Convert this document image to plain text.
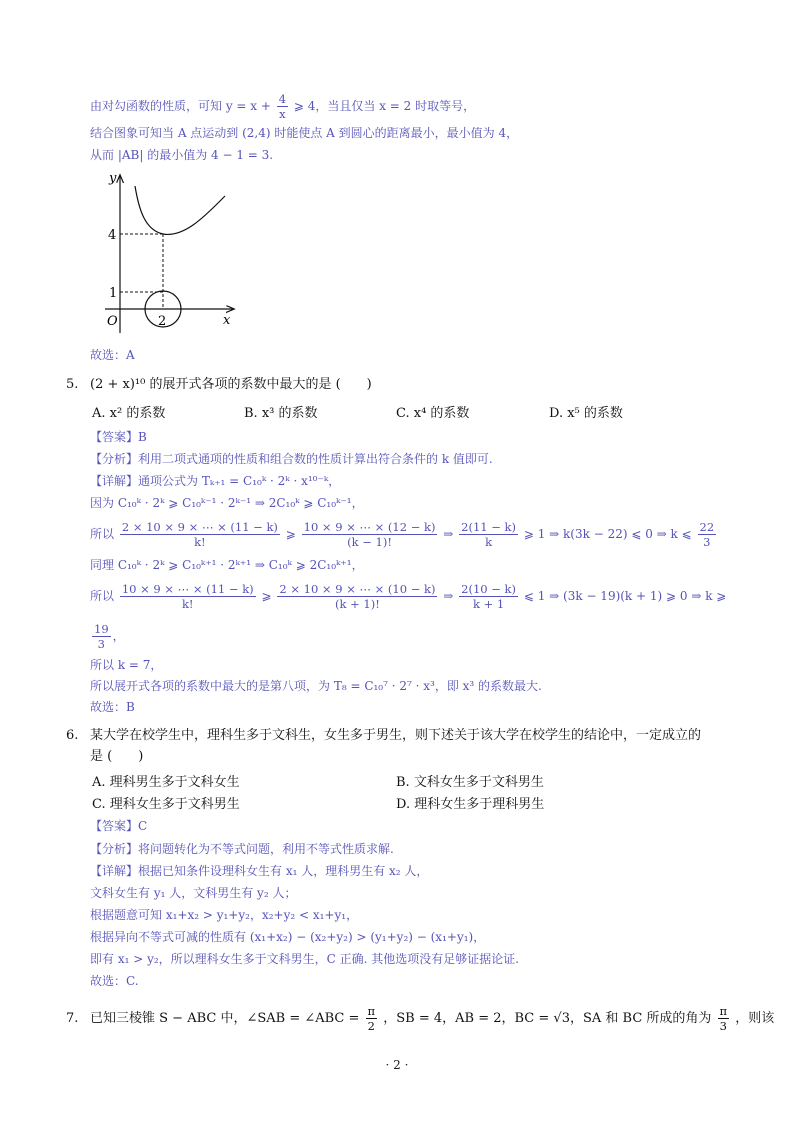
由对勾函数的性质，可知 $y = x + \frac{4}{x}$ ⩾ 4，当且仅当 x = 2 时取等号，
结合图象可知当 A 点运动到 (2,4) 时能使点 A 到圆心的距离最小，最小值为 4，
从而 |AB| 的最小值为 4 − 1 = 3.
y
x
O
4
1
2
故选：A
5. (2 + x)¹⁰ 的展开式各项的系数中最大的是 (　　)
A. x² 的系数	B. x³ 的系数	C. x⁴ 的系数	D. x⁵ 的系数
【答案】B
【分析】利用二项式通项的性质和组合数的性质计算出符合条件的 k 值即可.
【详解】通项公式为 Tₖ₊₁ = C₁₀ᵏ · 2ᵏ · x¹⁰⁻ᵏ，
因为 C₁₀ᵏ · 2ᵏ ⩾ C₁₀ᵏ⁻¹ · 2ᵏ⁻¹ ⇒ 2C₁₀ᵏ ⩾ C₁₀ᵏ⁻¹，
所以 $\frac{2 \times 10 \times 9 \times \cdots \times (11 - k)}{k!}$ ⩾ $\frac{10 \times 9 \times \cdots \times (12 - k)}{(k - 1)!}$ ⇒ $\frac{2(11 - k)}{k}$ ⩾ 1 ⇒ k(3k − 22) ⩽ 0 ⇒ k ⩽ $\frac{22}{3}$
同理 C₁₀ᵏ · 2ᵏ ⩾ C₁₀ᵏ⁺¹ · 2ᵏ⁺¹ ⇒ C₁₀ᵏ ⩾ 2C₁₀ᵏ⁺¹，
所以 $\frac{10 \times 9 \times \cdots \times (11 - k)}{k!}$ ⩾ $\frac{2 \times 10 \times 9 \times \cdots \times (10 - k)}{(k + 1)!}$ ⇒ $\frac{2(10 - k)}{k + 1}$ ⩽ 1 ⇒ (3k − 19)(k + 1) ⩾ 0 ⇒ k ⩾
$\frac{19}{3}$ ，
所以 k = 7，
所以展开式各项的系数中最大的是第八项，为 T₈ = C₁₀⁷ · 2⁷ · x³，即 x³ 的系数最大.
故选：B
6. 某大学在校学生中，理科生多于文科生，女生多于男生，则下述关于该大学在校学生的结论中，一定成立的
是 (　　)
A. 理科男生多于文科女生	B. 文科女生多于文科男生
C. 理科女生多于文科男生	D. 理科女生多于理科男生
【答案】C
【分析】将问题转化为不等式问题，利用不等式性质求解.
【详解】根据已知条件设理科女生有 x₁ 人，理科男生有 x₂ 人，
文科女生有 y₁ 人，文科男生有 y₂ 人；
根据题意可知 x₁+x₂ > y₁+y₂，x₂+y₂ < x₁+y₁，
根据异向不等式可减的性质有 (x₁+x₂) − (x₂+y₂) > (y₁+y₂) − (x₁+y₁)，
即有 x₁ > y₂，所以理科女生多于文科男生，C 正确. 其他选项没有足够证据论证.
故选：C.
7. 已知三棱锥 S − ABC 中，∠SAB = ∠ABC = $\frac{\pi}{2}$ ，SB = 4，AB = 2，BC = √3，SA 和 BC 所成的角为 $\frac{\pi}{3}$ ，则该
· 2 ·
